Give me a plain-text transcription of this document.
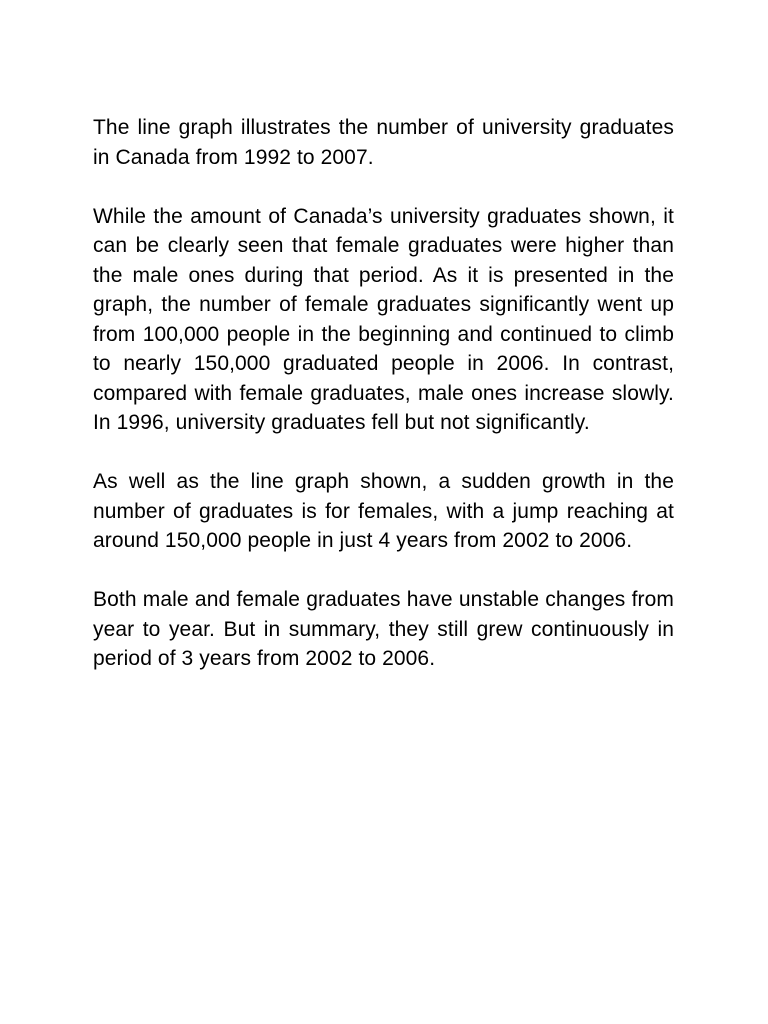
The line graph illustrates the number of university graduates in Canada from 1992 to 2007.

While the amount of Canada’s university graduates shown, it can be clearly seen that female graduates were higher than the male ones during that period. As it is presented in the graph, the number of female graduates significantly went up from 100,000 people in the beginning and continued to climb to nearly 150,000 graduated people in 2006. In contrast, compared with female graduates, male ones increase slowly. In 1996, university graduates fell but not significantly.

As well as the line graph shown, a sudden growth in the number of graduates is for females, with a jump reaching at around 150,000 people in just 4 years from 2002 to 2006.

Both male and female graduates have unstable changes from year to year. But in summary, they still grew continuously in period of 3 years from 2002 to 2006.
